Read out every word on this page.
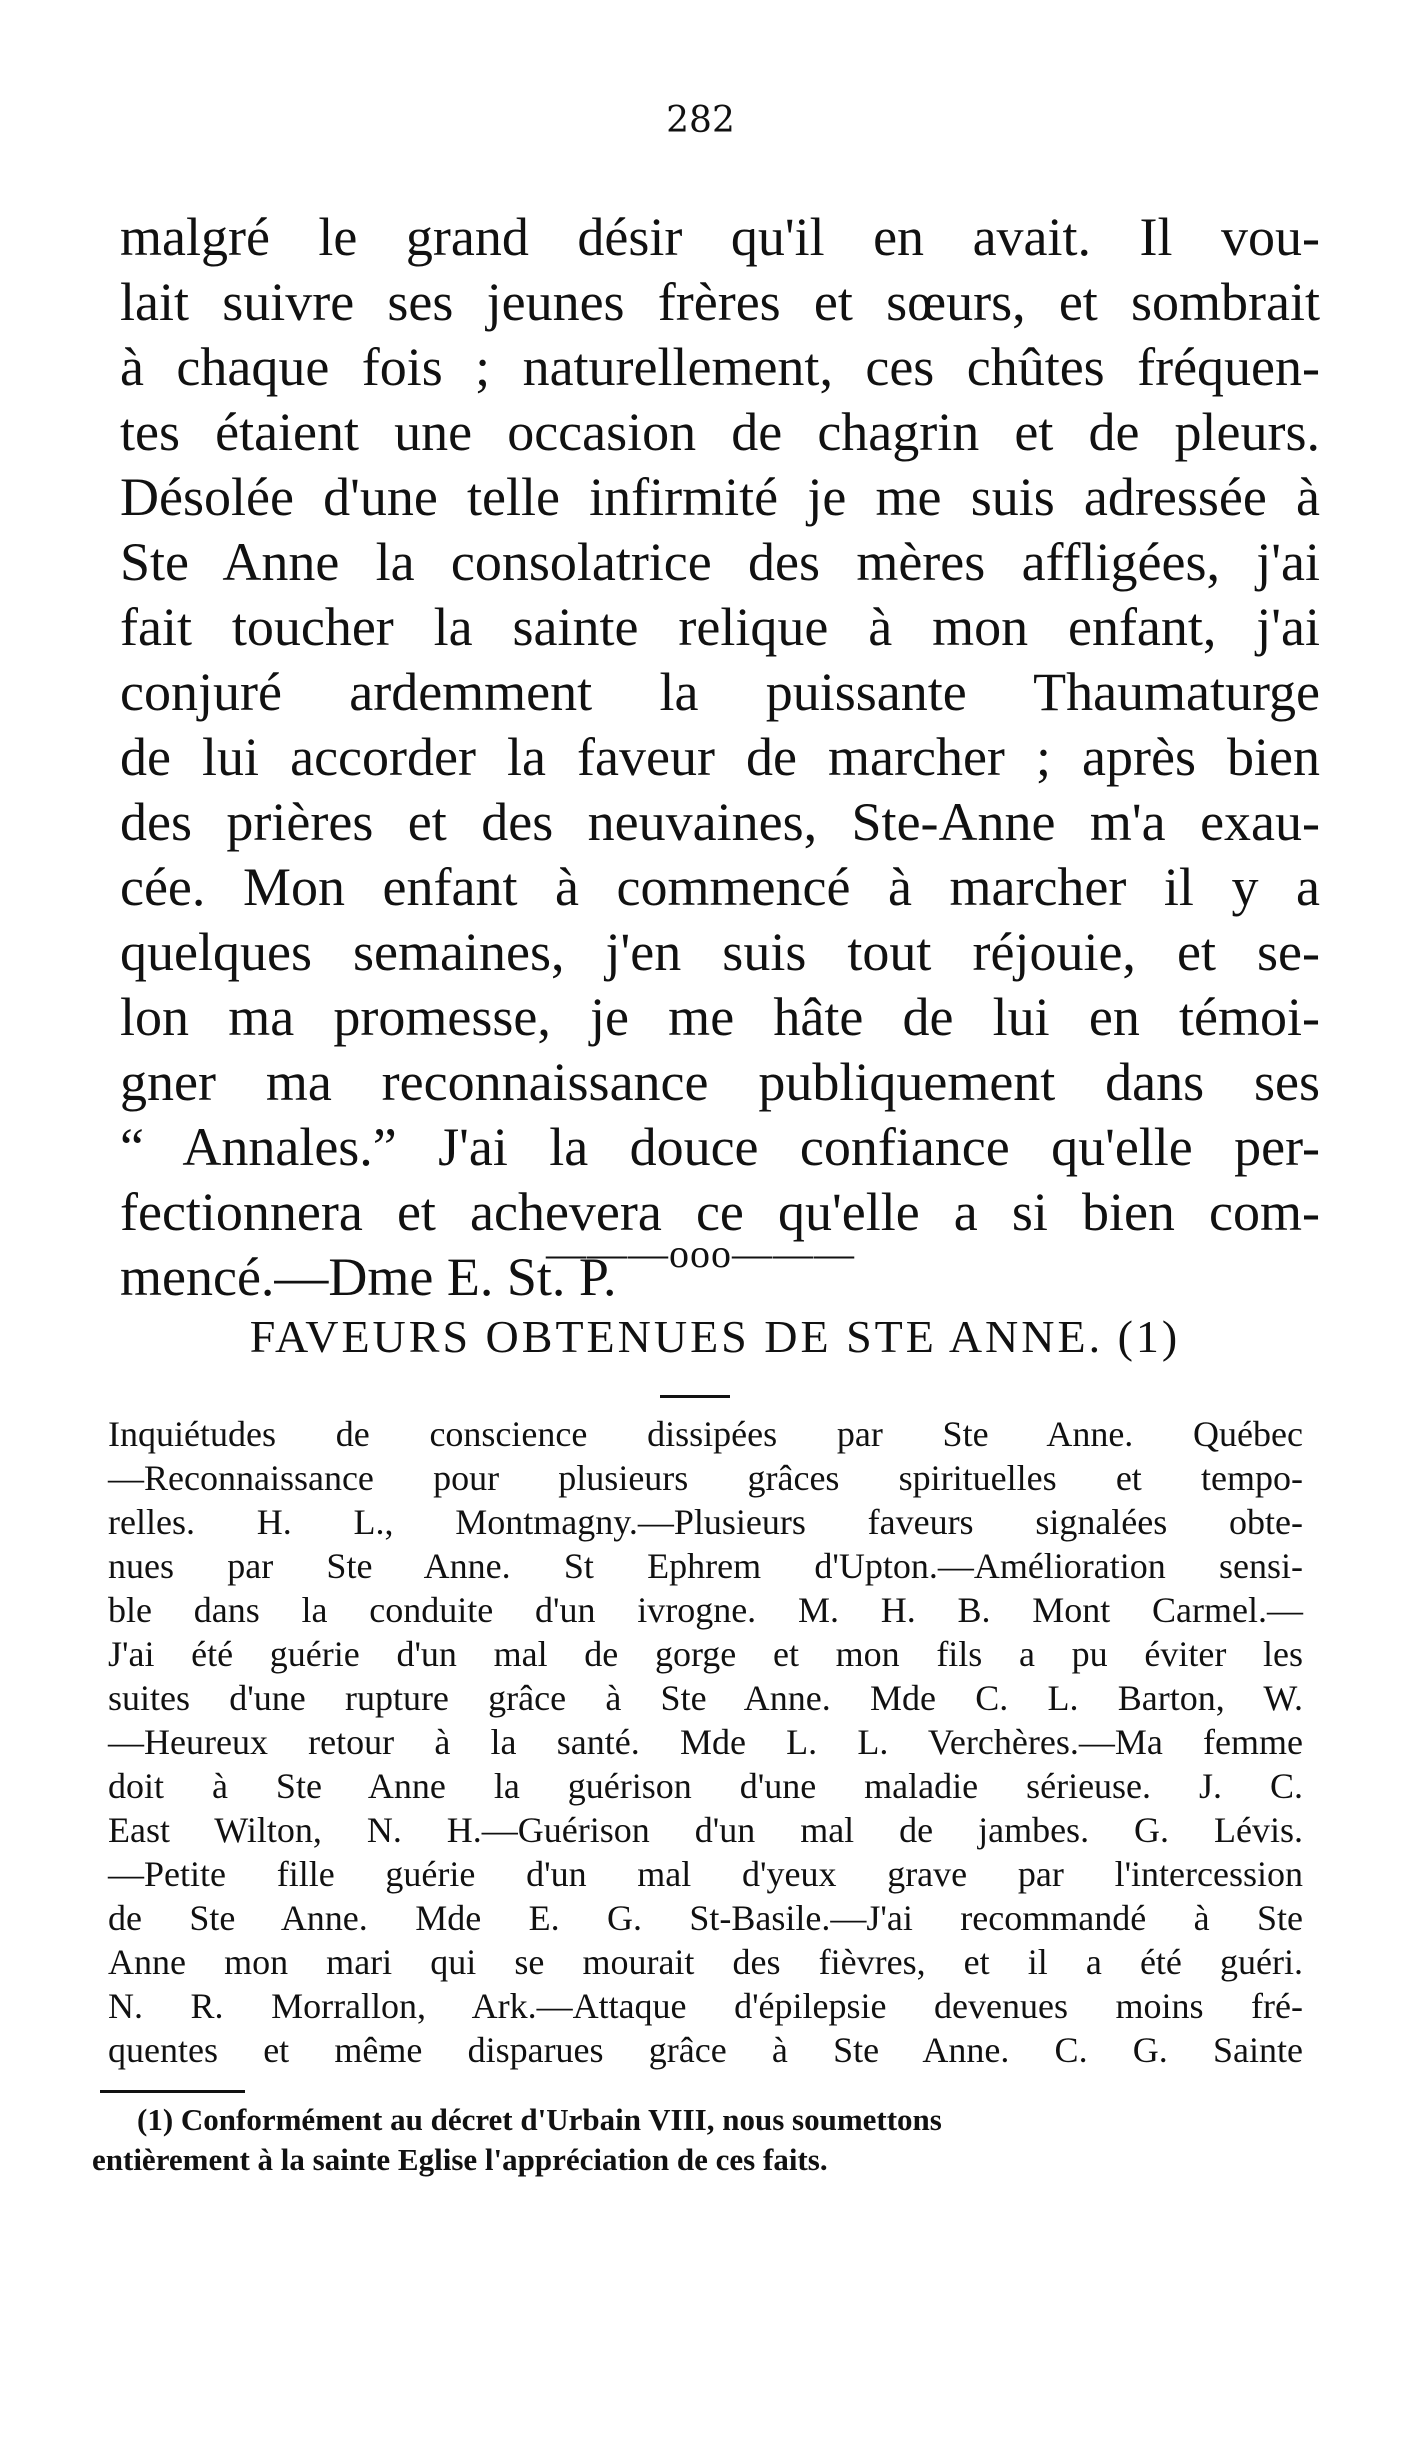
282
malgré le grand désir qu'il en avait. Il vou-
lait suivre ses jeunes frères et sœurs, et sombrait
à chaque fois ; naturellement, ces chûtes fréquen-
tes étaient une occasion de chagrin et de pleurs.
Désolée d'une telle infirmité je me suis adressée à
Ste Anne la consolatrice des mères affligées, j'ai
fait toucher la sainte relique à mon enfant, j'ai
conjuré ardemment la puissante Thaumaturge
de lui accorder la faveur de marcher ; après bien
des prières et des neuvaines, Ste-Anne m'a exau-
cée. Mon enfant à commencé à marcher il y a
quelques semaines, j'en suis tout réjouie, et se-
lon ma promesse, je me hâte de lui en témoi-
gner ma reconnaissance publiquement dans ses
“ Annales.” J'ai la douce confiance qu'elle per-
fectionnera et achevera ce qu'elle a si bien com-
mencé.—Dme E. St. P.
———ooo———
FAVEURS OBTENUES DE STE ANNE. (1)
Inquiétudes de conscience dissipées par Ste Anne. Québec
—Reconnaissance pour plusieurs grâces spirituelles et tempo-
relles. H. L., Montmagny.—Plusieurs faveurs signalées obte-
nues par Ste Anne. St Ephrem d'Upton.—Amélioration sensi-
ble dans la conduite d'un ivrogne. M. H. B. Mont Carmel.—
J'ai été guérie d'un mal de gorge et mon fils a pu éviter les
suites d'une rupture grâce à Ste Anne. Mde C. L. Barton, W.
—Heureux retour à la santé. Mde L. L. Verchères.—Ma femme
doit à Ste Anne la guérison d'une maladie sérieuse. J. C.
East Wilton, N. H.—Guérison d'un mal de jambes. G. Lévis.
—Petite fille guérie d'un mal d'yeux grave par l'intercession
de Ste Anne. Mde E. G. St-Basile.—J'ai recommandé à Ste
Anne mon mari qui se mourait des fièvres, et il a été guéri.
N. R. Morrallon, Ark.—Attaque d'épilepsie devenues moins fré-
quentes et même disparues grâce à Ste Anne. C. G. Sainte
(1) Conformément au décret d'Urbain VIII, nous soumettons
entièrement à la sainte Eglise l'appréciation de ces faits.
